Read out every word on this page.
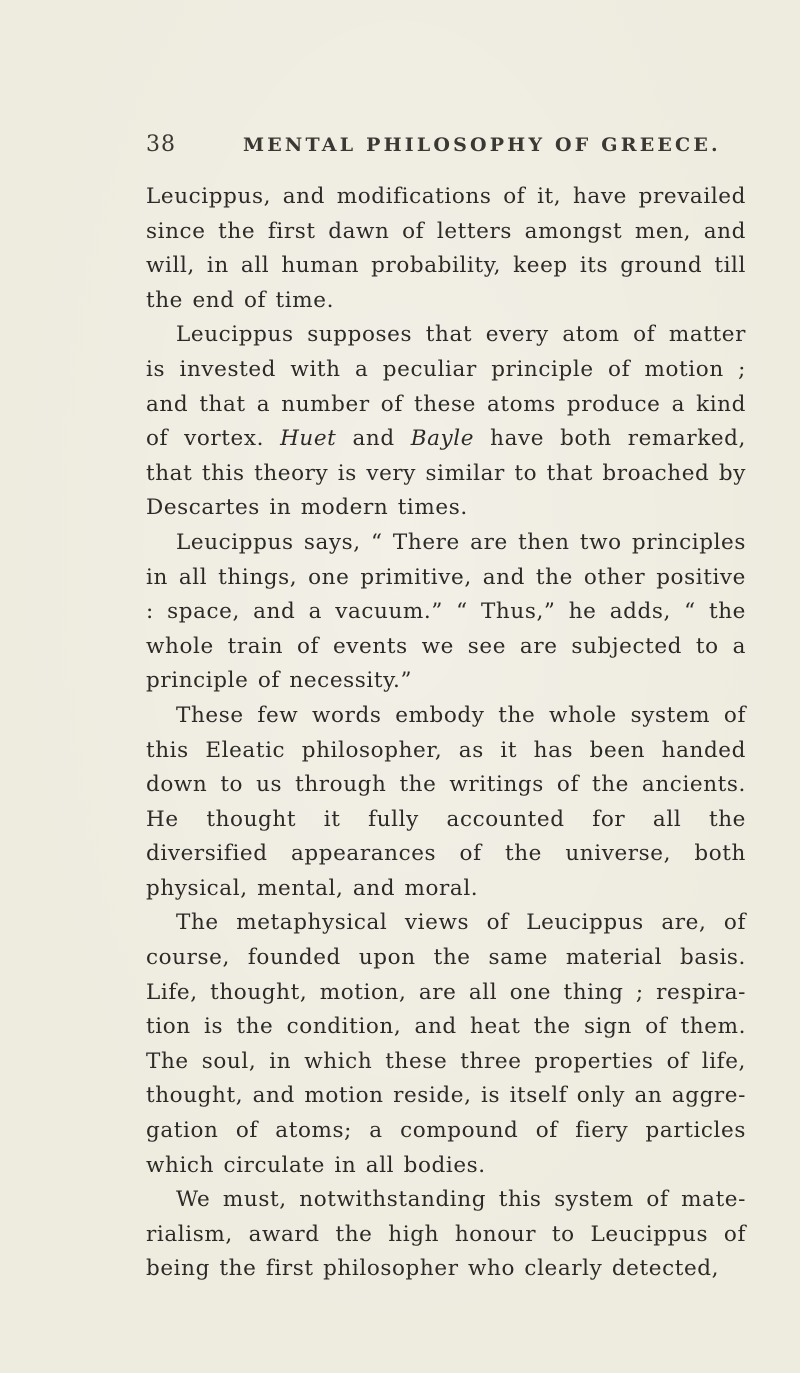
38	MENTAL PHILOSOPHY OF GREECE.

Leucippus, and modifications of it, have prevailed since the first dawn of letters amongst men, and will, in all human probability, keep its ground till the end of time.

Leucippus supposes that every atom of matter is invested with a peculiar principle of motion ; and that a number of these atoms produce a kind of vortex. Huet and Bayle have both remarked, that this theory is very similar to that broached by Descartes in modern times.

Leucippus says, “ There are then two principles in all things, one primitive, and the other positive : space, and a vacuum.” “ Thus,” he adds, “ the whole train of events we see are subjected to a principle of necessity.”

These few words embody the whole system of this Eleatic philosopher, as it has been handed down to us through the writings of the ancients. He thought it fully accounted for all the diversified appearances of the universe, both physical, mental, and moral.

The metaphysical views of Leucippus are, of course, founded upon the same material basis. Life, thought, motion, are all one thing ; respira- tion is the condition, and heat the sign of them. The soul, in which these three properties of life, thought, and motion reside, is itself only an aggre- gation of atoms; a compound of fiery particles which circulate in all bodies.

We must, notwithstanding this system of mate- rialism, award the high honour to Leucippus of being the first philosopher who clearly detected,
